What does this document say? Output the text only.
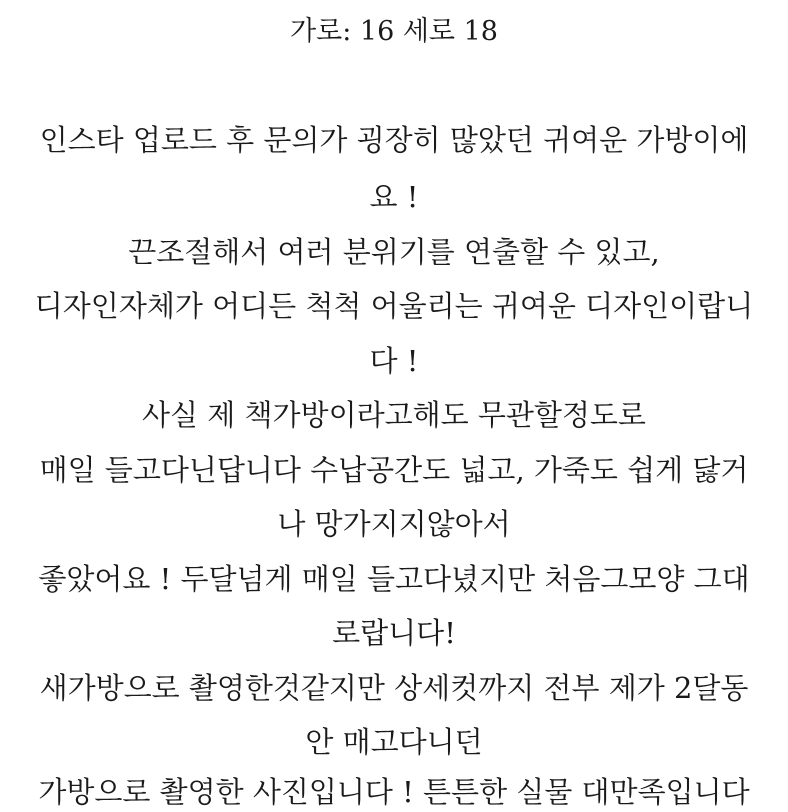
가로: 16 세로 18
인스타 업로드 후 문의가 굉장히 많았던 귀여운 가방이에
요 !
끈조절해서 여러 분위기를 연출할 수 있고,
디자인자체가 어디든 척척 어울리는 귀여운 디자인이랍니
다 !
사실 제 책가방이라고해도 무관할정도로
매일 들고다닌답니다 수납공간도 넓고, 가죽도 쉽게 닳거
나 망가지지않아서
좋았어요 ! 두달넘게 매일 들고다녔지만 처음그모양 그대
로랍니다!
새가방으로 촬영한것같지만 상세컷까지 전부 제가 2달동
안 매고다니던
가방으로 촬영한 사진입니다 ! 튼튼한 실물 대만족입니다
